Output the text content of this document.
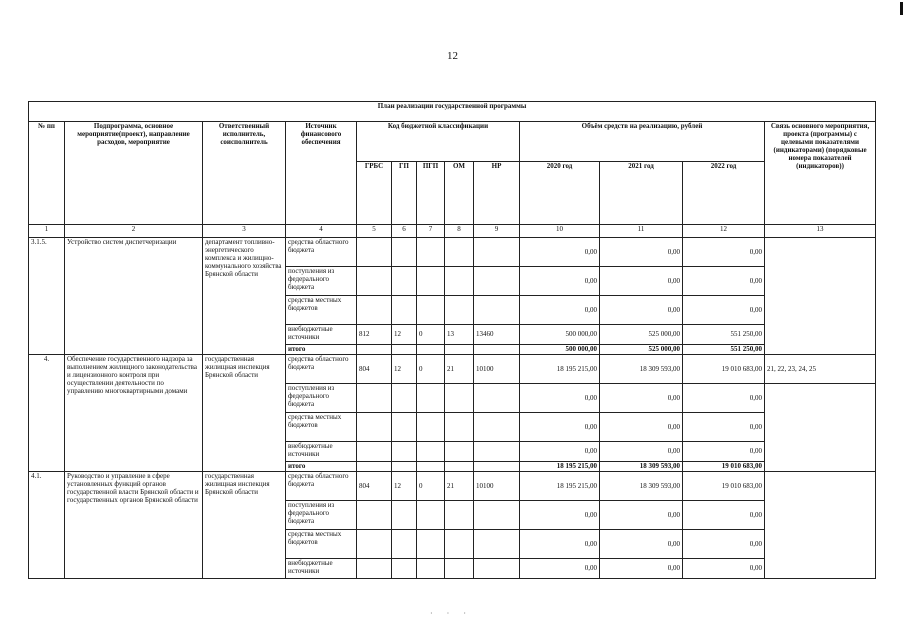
12
План реализации государственной программы												
№ пп	Подпрограмма, основное мероприятие(проект), направление расходов, мероприятие	Ответственный исполнитель, соисполнитель	Источник финансового обеспечения	Код бюджетной классификации					Объём средств на реализацию, рублей			Связь основного мероприятия, проекта (программы) с целевыми показателями (индикаторами) (порядковые номера показателей (индикаторов))
				ГРБС	ГП	ПГП	ОМ	НР	2020 год	2021 год	2022 год	
1	2	3	4	5	6	7	8	9	10	11	12	13
3.1.5.	Устройство систем диспетчеризации	департамент топливно-энергетического комплекса и жилищно-коммунального хозяйства Брянской области	средства областного бюджета						0,00	0,00	0,00	
			поступления из федерального бюджета						0,00	0,00	0,00	
			средства местных бюджетов						0,00	0,00	0,00	
			внебюджетные источники	812	12	0	13	13460	500 000,00	525 000,00	551 250,00	
			итого						500 000,00	525 000,00	551 250,00	
4.	Обеспечение государственного надзора за выполнением жилищного законодательства и лицензионного контроля при осуществлении деятельности по управлению многоквартирными домами	государственная жилищная инспекция Брянской области	средства областного бюджета	804	12	0	21	10100	18 195 215,00	18 309 593,00	19 010 683,00	21, 22, 23, 24, 25
			поступления из федерального бюджета						0,00	0,00	0,00	
			средства местных бюджетов						0,00	0,00	0,00	
			внебюджетные источники						0,00	0,00	0,00	
			итого						18 195 215,00	18 309 593,00	19 010 683,00	
4.1.	Руководство и управление в сфере установленных функций органов государственной власти Брянской области и государственных органов Брянской области	государственная жилищная инспекция Брянской области	средства областного бюджета	804	12	0	21	10100	18 195 215,00	18 309 593,00	19 010 683,00	
			поступления из федерального бюджета						0,00	0,00	0,00	
			средства местных бюджетов						0,00	0,00	0,00	
			внебюджетные источники						0,00	0,00	0,00	
· · ·
